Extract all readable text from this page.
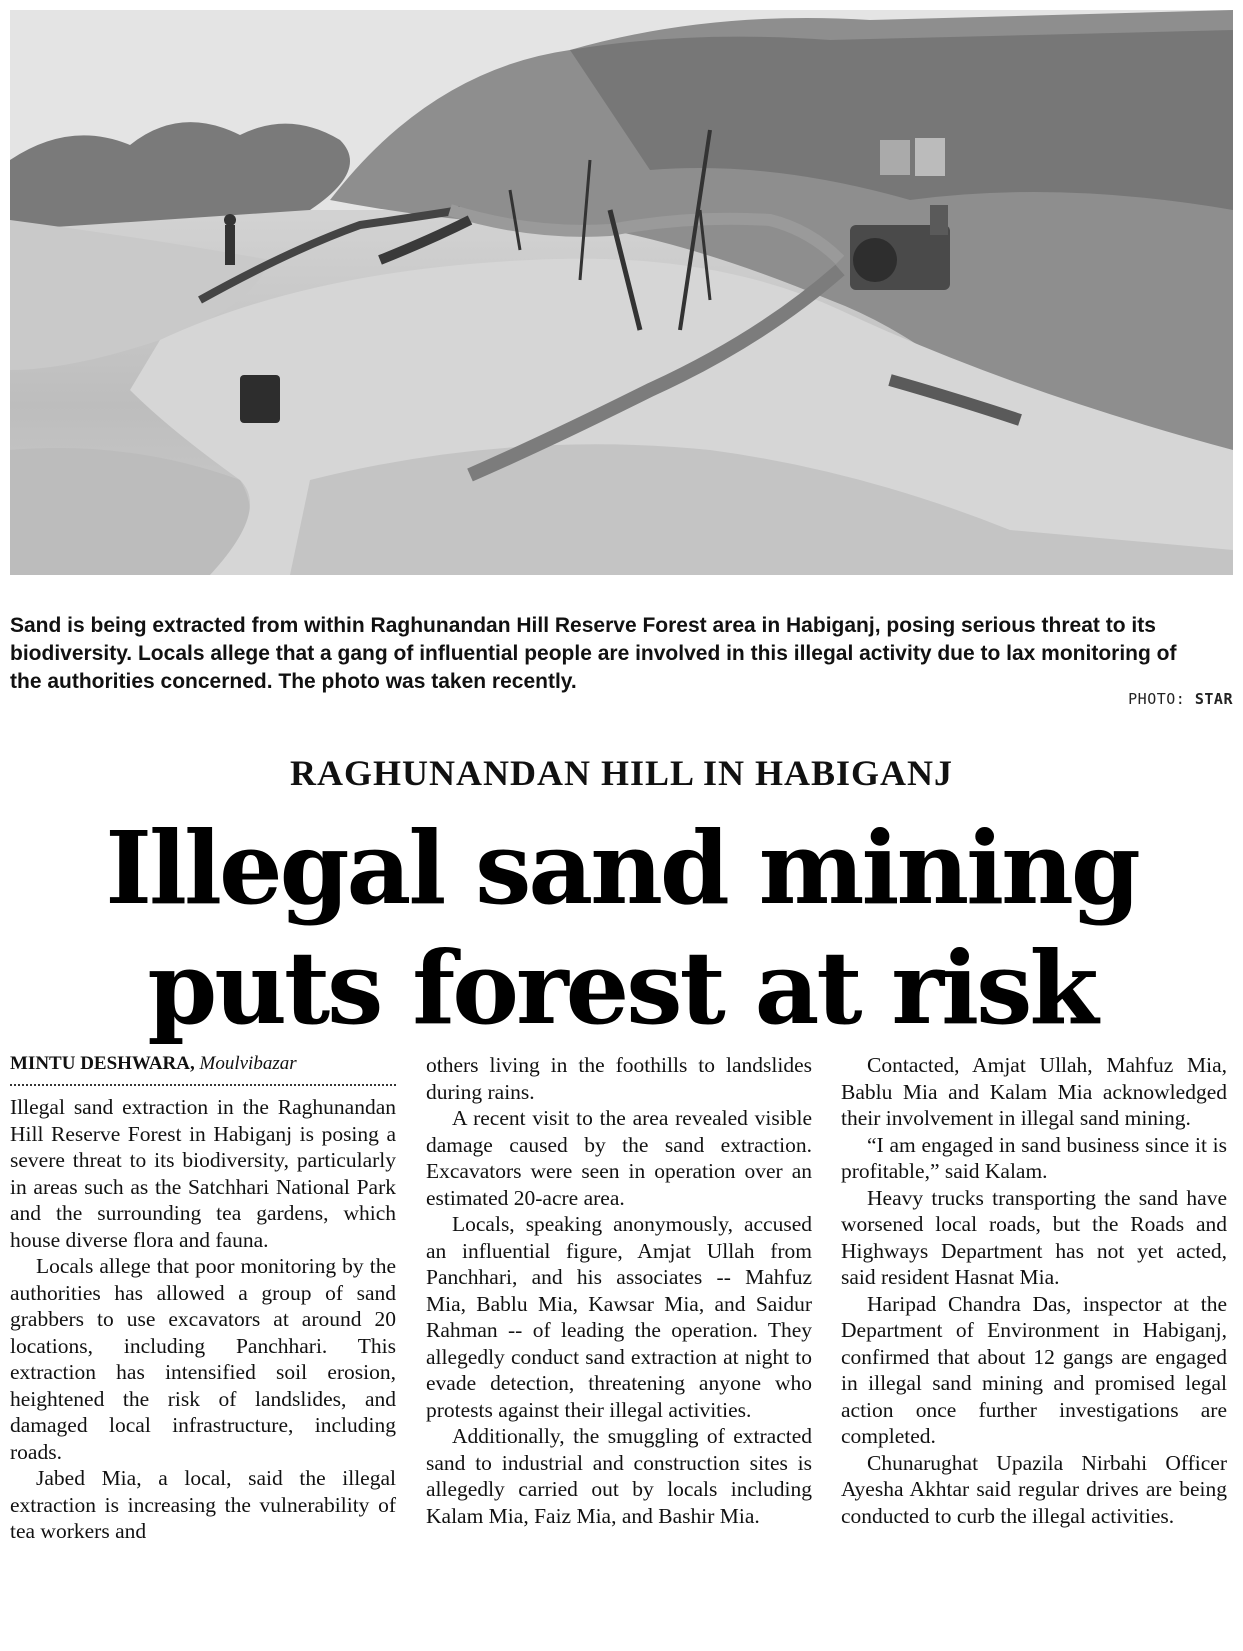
Sand is being extracted from within Raghunandan Hill Reserve Forest area in Habiganj, posing serious threat to its biodiversity. Locals allege that a gang of influential people are involved in this illegal activity due to lax monitoring of the authorities concerned. The photo was taken recently.
PHOTO: STAR
RAGHUNANDAN HILL IN HABIGANJ
Illegal sand mining
puts forest at risk
MINTU DESHWARA, Moulvibazar

Illegal sand extraction in the Raghunandan Hill Reserve Forest in Habiganj is posing a severe threat to its biodiversity, particularly in areas such as the Satchhari National Park and the surrounding tea gardens, which house diverse flora and fauna.

Locals allege that poor monitoring by the authorities has allowed a group of sand grabbers to use excavators at around 20 locations, including Panchhari. This extraction has intensified soil erosion, heightened the risk of landslides, and damaged local infrastructure, including roads.

Jabed Mia, a local, said the illegal extraction is increasing the vulnerability of tea workers and

others living in the foothills to landslides during rains.

A recent visit to the area revealed visible damage caused by the sand extraction. Excavators were seen in operation over an estimated 20-acre area.

Locals, speaking anonymously, accused an influential figure, Amjat Ullah from Panchhari, and his associates -- Mahfuz Mia, Bablu Mia, Kawsar Mia, and Saidur Rahman -- of leading the operation. They allegedly conduct sand extraction at night to evade detection, threatening anyone who protests against their illegal activities.

Additionally, the smuggling of extracted sand to industrial and construction sites is allegedly carried out by locals including Kalam Mia, Faiz Mia, and Bashir Mia.

Contacted, Amjat Ullah, Mahfuz Mia, Bablu Mia and Kalam Mia acknowledged their involvement in illegal sand mining.

“I am engaged in sand business since it is profitable,” said Kalam.

Heavy trucks transporting the sand have worsened local roads, but the Roads and Highways Department has not yet acted, said resident Hasnat Mia.

Haripad Chandra Das, inspector at the Department of Environment in Habiganj, confirmed that about 12 gangs are engaged in illegal sand mining and promised legal action once further investigations are completed.

Chunarughat Upazila Nirbahi Officer Ayesha Akhtar said regular drives are being conducted to curb the illegal activities.
